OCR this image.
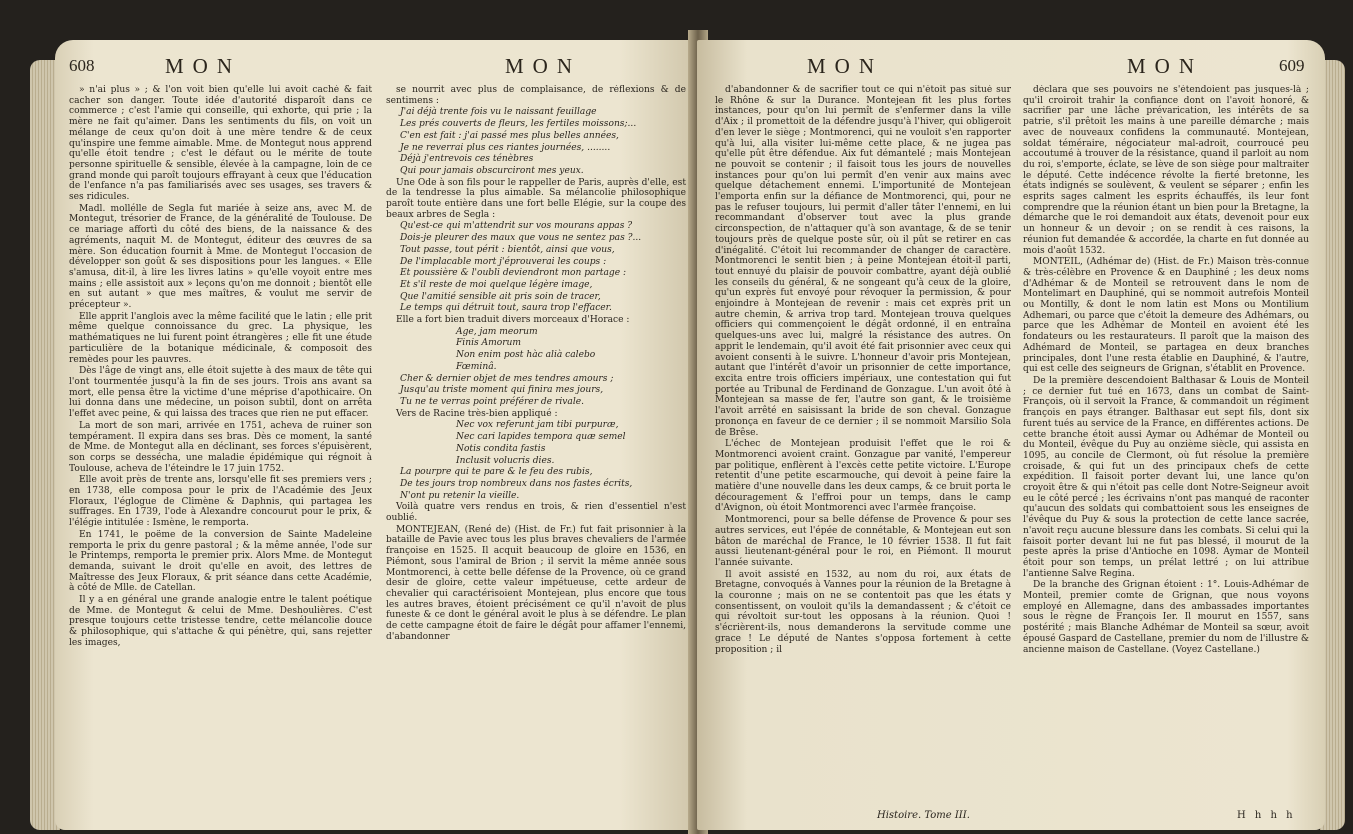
608	MON	MON

» n'ai plus » ; & l'on voit bien qu'elle lui avoit caché & fait cacher son danger. Toute idée d'autorité disparoît dans ce commerce ; c'est l'amie qui conseille, qui exhorte, qui prie ; la mère ne fait qu'aimer. Dans les sentiments du fils, on voit un mélange de ceux qu'on doit à une mère tendre & de ceux qu'inspire une femme aimable. Mme. de Montegut nous apprend qu'elle étoit tendre ; c'est le défaut ou le mérite de toute personne spirituelle & sensible, élevée à la campagne, loin de ce grand monde qui paroît toujours effrayant à ceux que l'éducation de l'enfance n'a pas familiarisés avec ses usages, ses travers & ses ridicules.

Madl. mollélle de Segla fut mariée à seize ans, avec M. de Montegut, trésorier de France, de la généralité de Toulouse. De ce mariage affortì du côté des biens, de la naissance & des agréments, naquit M. de Montegut, éditeur des œuvres de sa mère. Son éducation fournit à Mme. de Montegut l'occasion de développer son goût & ses dispositions pour les langues. « Elle s'amusa, dit-il, à lire les livres latins » qu'elle voyoit entre mes mains ; elle assistoit aux » leçons qu'on me donnoit ; bientôt elle en sut autant » que mes maîtres, & voulut me servir de précepteur ».

Elle apprit l'anglois avec la même facilité que le latin ; elle prit même quelque connoissance du grec. La physique, les mathématiques ne lui furent point étrangères ; elle fit une étude particulière de la botanique médicinale, & composoit des remèdes pour les pauvres.

Dès l'âge de vingt ans, elle étoit sujette à des maux de tête qui l'ont tourmentée jusqu'à la fin de ses jours. Trois ans avant sa mort, elle pensa être la victime d'une méprise d'apothicaire. On lui donna dans une médecine, un poison subtil, dont on arrêta l'effet avec peine, & qui laissa des traces que rien ne put effacer.

La mort de son mari, arrivée en 1751, acheva de ruiner son tempérament. Il expira dans ses bras. Dès ce moment, la santé de Mme. de Montegut alla en déclinant, ses forces s'épuisèrent, son corps se dessécha, une maladie épidémique qui régnoit à Toulouse, acheva de l'éteindre le 17 juin 1752.

Elle avoit près de trente ans, lorsqu'elle fit ses premiers vers ; en 1738, elle composa pour le prix de l'Académie des Jeux Floraux, l'églogue de Climène & Daphnis, qui partagea les suffrages. En 1739, l'ode à Alexandre concourut pour le prix, & l'élégie intitulée : Ismène, le remporta.

En 1741, le poëme de la conversion de Sainte Madeleine remporta le prix du genre pastoral ; & la même année, l'ode sur le Printemps, remporta le premier prix. Alors Mme. de Montegut demanda, suivant le droit qu'elle en avoit, des lettres de Maîtresse des Jeux Floraux, & prit séance dans cette Académie, à côté de Mlle. de Catellan.

Il y a en général une grande analogie entre le talent poétique de Mme. de Montegut & celui de Mme. Deshoulières. C'est presque toujours cette tristesse tendre, cette mélancolie douce & philosophique, qui s'attache & qui pénètre, qui, sans rejetter les images,

se nourrit avec plus de complaisance, de réflexions & de sentimens :

J'ai déjà trente fois vu le naissant feuillage

Les prés couverts de fleurs, les fertiles moissons;...

C'en est fait : j'ai passé mes plus belles années,

Je ne reverrai plus ces riantes journées, ........

Déjà j'entrevois ces ténèbres

Qui pour jamais obscurciront mes yeux.

Une Ode à son fils pour le rappeller de Paris, auprès d'elle, est de la tendresse la plus aimable. Sa mélancolie philosophique paroît toute entière dans une fort belle Elégie, sur la coupe des beaux arbres de Segla :

Qu'est-ce qui m'attendrit sur vos mourans appas ?

Dois-je pleurer des maux que vous ne sentez pas ?...

Tout passe, tout périt : bientôt, ainsi que vous,

De l'implacable mort j'éprouverai les coups :

Et poussière & l'oubli deviendront mon partage :

Et s'il reste de moi quelque légère image,

Que l'amitié sensible ait pris soin de tracer,

Le temps qui détruit tout, saura trop l'effacer.

Elle a fort bien traduit divers morceaux d'Horace :

Age, jam meorum

Finis Amorum

Non enim post hàc alià calebo

Fœminâ.

Cher & dernier objet de mes tendres amours ;

Jusqu'au triste moment qui finira mes jours,

Tu ne te verras point préférer de rivale.

Vers de Racine très-bien appliqué :

Nec vox referunt jam tibi purpuræ,

Nec cari lapides tempora quæ semel

Notis condita fastis

Inclusit volucris dies.

La pourpre qui te pare & le feu des rubis,

De tes jours trop nombreux dans nos fastes écrits,

N'ont pu retenir la vieille.

Voilà quatre vers rendus en trois, & rien d'essentiel n'est oublié.

MONTEJEAN, (René de) (Hist. de Fr.) fut fait prisonnier à la bataille de Pavie avec tous les plus braves chevaliers de l'armée françoise en 1525. Il acquit beaucoup de gloire en 1536, en Piémont, sous l'amiral de Brion ; il servit la même année sous Montmorenci, à cette belle défense de la Provence, où ce grand desir de gloire, cette valeur impétueuse, cette ardeur de chevalier qui caractérisoient Montejean, plus encore que tous les autres braves, étoient précisément ce qu'il n'avoit de plus funeste & ce dont le général avoit le plus à se défendre. Le plan de cette campagne étoit de faire le dégât pour affamer l'ennemi, d'abandonner

MON	MON	609

d'abandonner & de sacrifier tout ce qui n'étoit pas situé sur le Rhône & sur la Durance. Montejean fit les plus fortes instances, pour qu'on lui permît de s'enfermer dans la ville d'Aix ; il promettoit de la défendre jusqu'à l'hiver, qui obligeroit d'en lever le siège ; Montmorenci, qui ne vouloit s'en rapporter qu'à lui, alla visiter lui-même cette place, & ne jugea pas qu'elle pût être défendue. Aix fut démantelé ; mais Montejean ne pouvoit se contenir ; il faisoit tous les jours de nouvelles instances pour qu'on lui permît d'en venir aux mains avec quelque détachement ennemi. L'importunité de Montejean l'emporta enfin sur la défiance de Montmorenci, qui, pour ne pas le refuser toujours, lui permit d'aller tâter l'ennemi, en lui recommandant d'observer tout avec la plus grande circonspection, de n'attaquer qu'à son avantage, & de se tenir toujours près de quelque poste sûr, où il pût se retirer en cas d'inégalité. C'étoit lui recommander de changer de caractère. Montmorenci le sentit bien ; à peine Montejean étoit-il parti, tout ennuyé du plaisir de pouvoir combattre, ayant déjà oublié les conseils du général, & ne songeant qu'à ceux de la gloire, qu'un exprès fut envoyé pour révoquer la permission, & pour enjoindre à Montejean de revenir : mais cet exprès prit un autre chemin, & arriva trop tard. Montejean trouva quelques officiers qui commençoient le dégât ordonné, il en entraîna quelques-uns avec lui, malgré la résistance des autres. On apprit le lendemain, qu'il avoit été fait prisonnier avec ceux qui avoient consenti à le suivre. L'honneur d'avoir pris Montejean, autant que l'intérêt d'avoir un prisonnier de cette importance, excita entre trois officiers impériaux, une contestation qui fut portée au Tribunal de Ferdinand de Gonzague. L'un avoit ôté à Montejean sa masse de fer, l'autre son gant, & le troisième l'avoit arrêté en saisissant la bride de son cheval. Gonzague prononça en faveur de ce dernier ; il se nommoit Marsilio Sola de Brêse.

L'échec de Montejean produisit l'effet que le roi & Montmorenci avoient craint. Gonzague par vanité, l'empereur par politique, enflèrent à l'excès cette petite victoire. L'Europe retentit d'une petite escarmouche, qui devoit à peine faire la matière d'une nouvelle dans les deux camps, & ce bruit porta le découragement & l'effroi pour un temps, dans le camp d'Avignon, où étoit Montmorenci avec l'armée françoise.

Montmorenci, pour sa belle défense de Provence & pour ses autres services, eut l'épée de connétable, & Montejean eut son bâton de maréchal de France, le 10 février 1538. Il fut fait aussi lieutenant-général pour le roi, en Piémont. Il mourut l'année suivante.

Il avoit assisté en 1532, au nom du roi, aux états de Bretagne, convoqués à Vannes pour la réunion de la Bretagne à la couronne ; mais on ne se contentoit pas que les états y consentissent, on vouloit qu'ils la demandassent ; & c'étoit ce qui révoltoit sur-tout les opposans à la réunion. Quoi ! s'écrièrent-ils, nous demanderons la servitude comme une grace ! Le député de Nantes s'opposa fortement à cette proposition ; il

Histoire. Tome III.

déclara que ses pouvoirs ne s'étendoient pas jusques-là ; qu'il croiroit trahir la confiance dont on l'avoit honoré, & sacrifier par une lâche prévarication, les intérêts de sa patrie, s'il prêtoit les mains à une pareille démarche ; mais avec de nouveaux confidens la communauté. Montejean, soldat téméraire, négociateur mal-adroit, courroucé peu accoutumé à trouver de la résistance, quand il parloit au nom du roi, s'emporte, éclate, se lève de son siège pour maltraiter le député. Cette indécence révolte la fierté bretonne, les états indignés se soulèvent, & veulent se séparer ; enfin les esprits sages calment les esprits échauffés, ils leur font comprendre que la réunion étant un bien pour la Bretagne, la démarche que le roi demandoit aux états, devenoit pour eux un honneur & un devoir ; on se rendit à ces raisons, la réunion fut demandée & accordée, la charte en fut donnée au mois d'août 1532.

MONTEIL, (Adhémar de) (Hist. de Fr.) Maison très-connue & très-célèbre en Provence & en Dauphiné ; les deux noms d'Adhémar & de Monteil se retrouvent dans le nom de Montelimart en Dauphiné, qui se nommoit autrefois Monteil ou Montilly, & dont le nom latin est Mons ou Montilium Adhemari, ou parce que c'étoit la demeure des Adhémars, ou parce que les Adhémar de Monteil en avoient été les fondateurs ou les restaurateurs. Il paroît que la maison des Adhémard de Monteil, se partagea en deux branches principales, dont l'une resta établie en Dauphiné, & l'autre, qui est celle des seigneurs de Grignan, s'établit en Provence.

De la première descendoient Balthasar & Louis de Monteil ; ce dernier fut tué en 1673, dans un combat de Saint-François, où il servoit la France, & commandoit un régiment françois en pays étranger. Balthasar eut sept fils, dont six furent tués au service de la France, en différentes actions. De cette branche étoit aussi Aymar ou Adhémar de Monteil ou du Monteil, évêque du Puy au onzième siècle, qui assista en 1095, au concile de Clermont, où fut résolue la première croisade, & qui fut un des principaux chefs de cette expédition. Il faisoit porter devant lui, une lance qu'on croyoit être & qui n'étoit pas celle dont Notre-Seigneur avoit eu le côté percé ; les écrivains n'ont pas manqué de raconter qu'aucun des soldats qui combattoient sous les enseignes de l'évêque du Puy & sous la protection de cette lance sacrée, n'avoit reçu aucune blessure dans les combats. Si celui qui la faisoit porter devant lui ne fut pas blessé, il mourut de la peste après la prise d'Antioche en 1098. Aymar de Monteil étoit pour son temps, un prélat lettré ; on lui attribue l'antienne Salve Regina.

De la branche des Grignan étoient : 1°. Louis-Adhémar de Monteil, premier comte de Grignan, que nous voyons employé en Allemagne, dans des ambassades importantes sous le règne de François Ier. Il mourut en 1557, sans postérité ; mais Blanche Adhémar de Monteil sa sœur, avoit épousé Gaspard de Castellane, premier du nom de l'illustre & ancienne maison de Castellane. (Voyez Castellane.)

H h h h
